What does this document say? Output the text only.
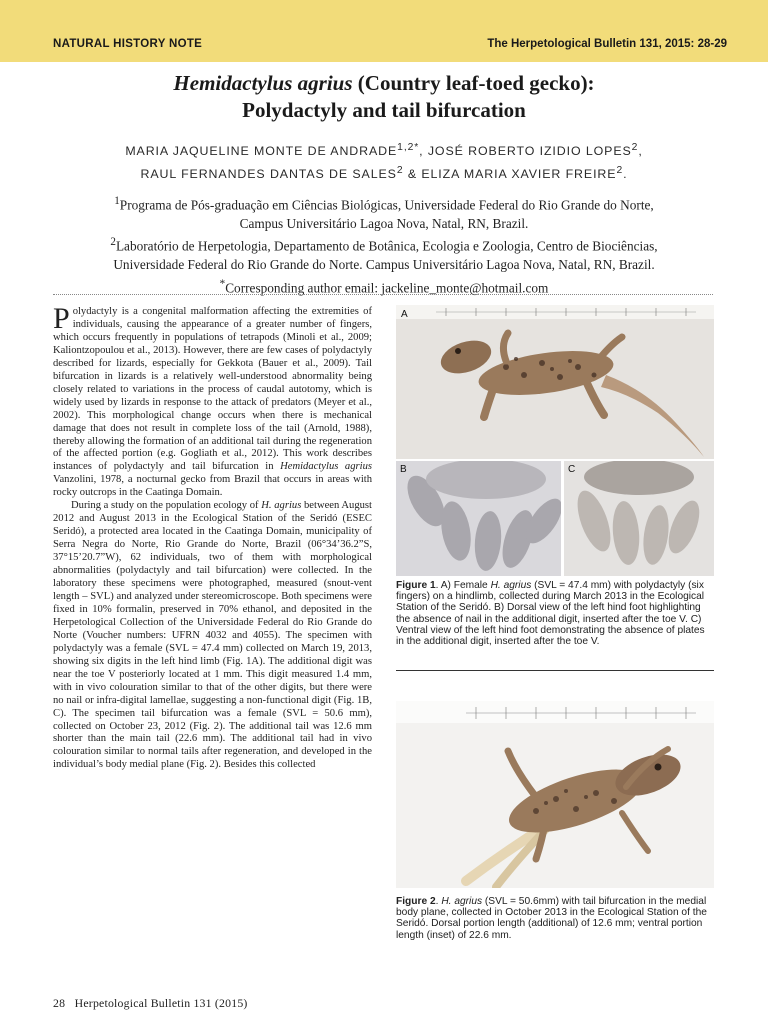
NATURAL HISTORY NOTE	The Herpetological Bulletin 131, 2015: 28-29
Hemidactylus agrius (Country leaf-toed gecko):
Polydactyly and tail bifurcation
MARIA JAQUELINE MONTE DE $ANDRADE^{1,2*}$, JOSÉ ROBERTO IZIDIO LOPES$^2$,
RAUL FERNANDES DANTAS DE SALES$^2$ & ELIZA MARIA XAVIER FREIRE$^2$.
$^1$Programa de Pós-graduação em Ciências Biológicas, Universidade Federal do Rio Grande do Norte,
Campus Universitário Lagoa Nova, Natal, RN, Brazil.
$^2$Laboratório de Herpetologia, Departamento de Botânica, Ecologia e Zoologia, Centro de Biociências,
Universidade Federal do Rio Grande do Norte. Campus Universitário Lagoa Nova, Natal, RN, Brazil.
*Corresponding author email: jackeline_monte@hotmail.com

Polydactyly is a congenital malformation affecting the extremities of individuals, causing the appearance of a greater number of fingers, which occurs frequently in populations of tetrapods (Minoli et al., 2009; Kaliontzopoulou et al., 2013). However, there are few cases of polydactyly described for lizards, especially for Gekkota (Bauer et al., 2009). Tail bifurcation in lizards is a relatively well-understood abnormality being closely related to variations in the process of caudal autotomy, which is widely used by lizards in response to the attack of predators (Meyer et al., 2002). This morphological change occurs when there is mechanical damage that does not result in complete loss of the tail (Arnold, 1988), thereby allowing the formation of an additional tail during the regeneration of the affected portion (e.g. Gogliath et al., 2012). This work describes instances of polydactyly and tail bifurcation in Hemidactylus agrius Vanzolini, 1978, a nocturnal gecko from Brazil that occurs in areas with rocky outcrops in the Caatinga Domain.

During a study on the population ecology of H. agrius between August 2012 and August 2013 in the Ecological Station of the Seridó (ESEC Seridó), a protected area located in the Caatinga Domain, municipality of Serra Negra do Norte, Rio Grande do Norte, Brazil (06°34’36.2”S, 37°15’20.7”W), 62 individuals, two of them with morphological abnormalities (polydactyly and tail bifurcation) were collected. In the laboratory these specimens were photographed, measured (snout-vent length – SVL) and analyzed under stereomicroscope. Both specimens were fixed in 10% formalin, preserved in 70% ethanol, and deposited in the Herpetological Collection of the Universidade Federal do Rio Grande do Norte (Voucher numbers: UFRN 4032 and 4055). The specimen with polydactyly was a female (SVL = 47.4 mm) collected on March 19, 2013, showing six digits in the left hind limb (Fig. 1A). The additional digit was near the toe V posteriorly located at 1 mm. This digit measured 1.4 mm, with in vivo colouration similar to that of the other digits, but there were no nail or infra-digital lamellae, suggesting a non-functional digit (Fig. 1B, C). The specimen tail bifurcation was a female (SVL = 50.6 mm), collected on October 23, 2012 (Fig. 2). The additional tail was 12.6 mm shorter than the main tail (22.6 mm). The additional tail had in vivo colouration similar to normal tails after regeneration, and developed in the individual’s body medial plane (Fig. 2). Besides this collected

A
B	C
Figure 1. A) Female H. agrius (SVL = 47.4 mm) with polydactyly (six fingers) on a hindlimb, collected during March 2013 in the Ecological Station of the Seridó. B) Dorsal view of the left hind foot highlighting the absence of nail in the additional digit, inserted after the toe V. C) Ventral view of the left hind foot demonstrating the absence of plates in the additional digit, inserted after the toe V.
Figure 2. H. agrius (SVL = 50.6mm) with tail bifurcation in the medial body plane, collected in October 2013 in the Ecological Station of the Seridó. Dorsal portion length (additional) of 12.6 mm; ventral portion length (inset) of 22.6 mm.
28 Herpetological Bulletin 131 (2015)
